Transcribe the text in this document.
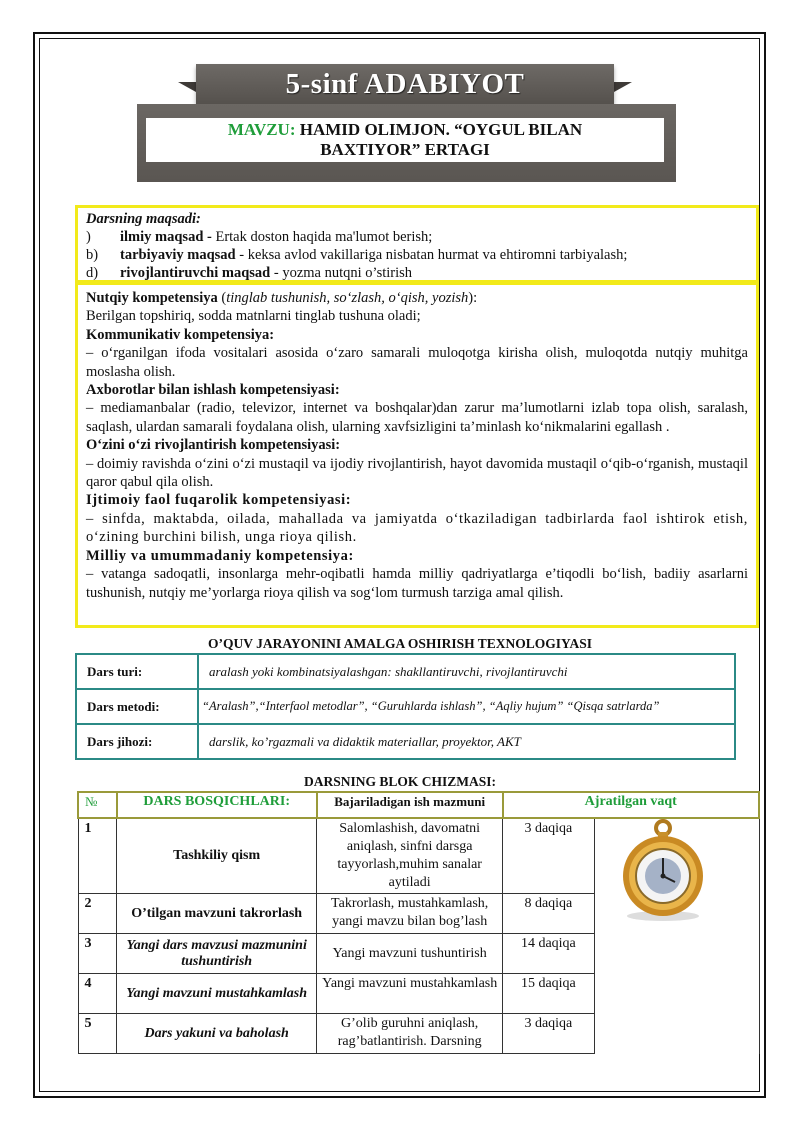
5-sinf ADABIYOT
MAVZU: HAMID OLIMJON. “OYGUL BILAN
BAXTIYOR” ERTAGI
Darsning maqsadi:
) ilmiy maqsad - Ertak doston haqida ma'lumot berish;
b) tarbiyaviy maqsad - keksa avlod vakillariga nisbatan hurmat va ehtiromni tarbiyalash;
d) rivojlantiruvchi maqsad - yozma nutqni o’stirish

Nutqiy kompetensiya (tinglab tushunish, so‘zlash, o‘qish, yozish):

Berilgan topshiriq, sodda matnlarni tinglab tushuna oladi;

Kommunikativ kompetensiya:

– o‘rganilgan ifoda vositalari asosida o‘zaro samarali muloqotga kirisha olish, muloqotda nutqiy muhitga moslasha olish.

Axborotlar bilan ishlash kompetensiyasi:

– mediamanbalar (radio, televizor, internet va boshqalar)dan zarur ma’lumotlarni izlab topa olish, saralash, saqlash, ulardan samarali foydalana olish, ularning xavfsizligini ta’minlash ko‘nikmalarini egallash .

O‘zini o‘zi rivojlantirish kompetensiyasi:

– doimiy ravishda o‘zini o‘zi mustaqil va ijodiy rivojlantirish, hayot davomida mustaqil o‘qib-o‘rganish, mustaqil qaror qabul qila olish.

Ijtimoiy faol fuqarolik kompetensiyasi:

– sinfda, maktabda, oilada, mahallada va jamiyatda o‘tkaziladigan tadbirlarda faol ishtirok etish, o‘zining burchini bilish, unga rioya qilish.

Milliy va umummadaniy kompetensiya:

– vatanga sadoqatli, insonlarga mehr-oqibatli hamda milliy qadriyatlarga e’tiqodli bo‘lish, badiiy asarlarni tushunish, nutqiy me’yorlarga rioya qilish va sog‘lom turmush tarziga amal qilish.

O’QUV JARAYONINI AMALGA OSHIRISH TEXNOLOGIYASI
Dars turi:	aralash yoki kombinatsiyalashgan: shakllantiruvchi, rivojlantiruvchi
Dars metodi:	“Aralash”,“Interfaol metodlar”, “Guruhlarda ishlash”, “Aqliy hujum” “Qisqa satrlarda”
Dars jihozi:	darslik, ko’rgazmali va didaktik materiallar, proyektor, AKT
DARSNING BLOK CHIZMASI:
№	DARS BOSQICHLARI:	Bajariladigan ish mazmuni	Ajratilgan vaqt	
1	Tashkiliy qism	Salomlashish, davomatni aniqlash, sinfni darsga tayyorlash,muhim sanalar aytiladi	3 daqiqa	
2	O’tilgan mavzuni takrorlash	Takrorlash, mustahkamlash, yangi mavzu bilan bog’lash	8 daqiqa	
3	Yangi dars mavzusi mazmunini tushuntirish	Yangi mavzuni tushuntirish	14 daqiqa	
4	Yangi mavzuni mustahkamlash	Yangi mavzuni mustahkamlash	15 daqiqa	
5	Dars yakuni va baholash	G’olib guruhni aniqlash, rag’batlantirish. Darsning	3 daqiqa	
